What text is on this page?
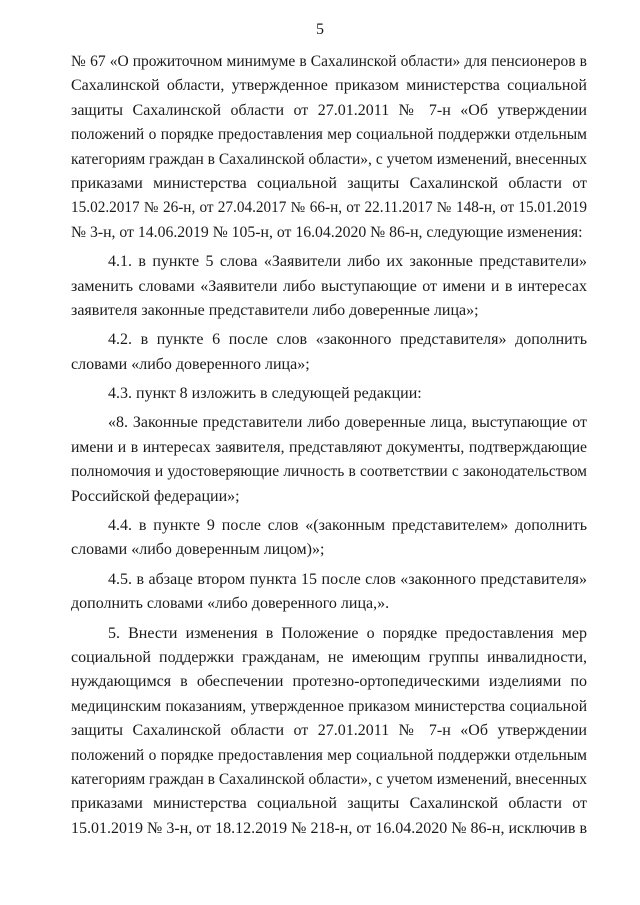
5
№ 67 «О прожиточном минимуме в Сахалинской области» для пенсионеров в
Сахалинской области, утвержденное приказом министерства социальной
защиты Сахалинской области от 27.01.2011 № 7-н «Об утверждении
положений о порядке предоставления мер социальной поддержки отдельным
категориям граждан в Сахалинской области», с учетом изменений, внесенных
приказами министерства социальной защиты Сахалинской области от
15.02.2017 № 26-н, от 27.04.2017 № 66-н, от 22.11.2017 № 148-н, от 15.01.2019
№ 3-н, от 14.06.2019 № 105-н, от 16.04.2020 № 86-н, следующие изменения:
4.1. в пункте 5 слова «Заявители либо их законные представители»
заменить словами «Заявители либо выступающие от имени и в интересах
заявителя законные представители либо доверенные лица»;
4.2. в пункте 6 после слов «законного представителя» дополнить
словами «либо доверенного лица»;
4.3. пункт 8 изложить в следующей редакции:
«8. Законные представители либо доверенные лица, выступающие от
имени и в интересах заявителя, представляют документы, подтверждающие
полномочия и удостоверяющие личность в соответствии с законодательством
Российской федерации»;
4.4. в пункте 9 после слов «(законным представителем» дополнить
словами «либо доверенным лицом)»;
4.5. в абзаце втором пункта 15 после слов «законного представителя»
дополнить словами «либо доверенного лица,».
5. Внести изменения в Положение о порядке предоставления мер
социальной поддержки гражданам, не имеющим группы инвалидности,
нуждающимся в обеспечении протезно-ортопедическими изделиями по
медицинским показаниям, утвержденное приказом министерства социальной
защиты Сахалинской области от 27.01.2011 № 7-н «Об утверждении
положений о порядке предоставления мер социальной поддержки отдельным
категориям граждан в Сахалинской области», с учетом изменений, внесенных
приказами министерства социальной защиты Сахалинской области от
15.01.2019 № 3-н, от 18.12.2019 № 218-н, от 16.04.2020 № 86-н, исключив в
